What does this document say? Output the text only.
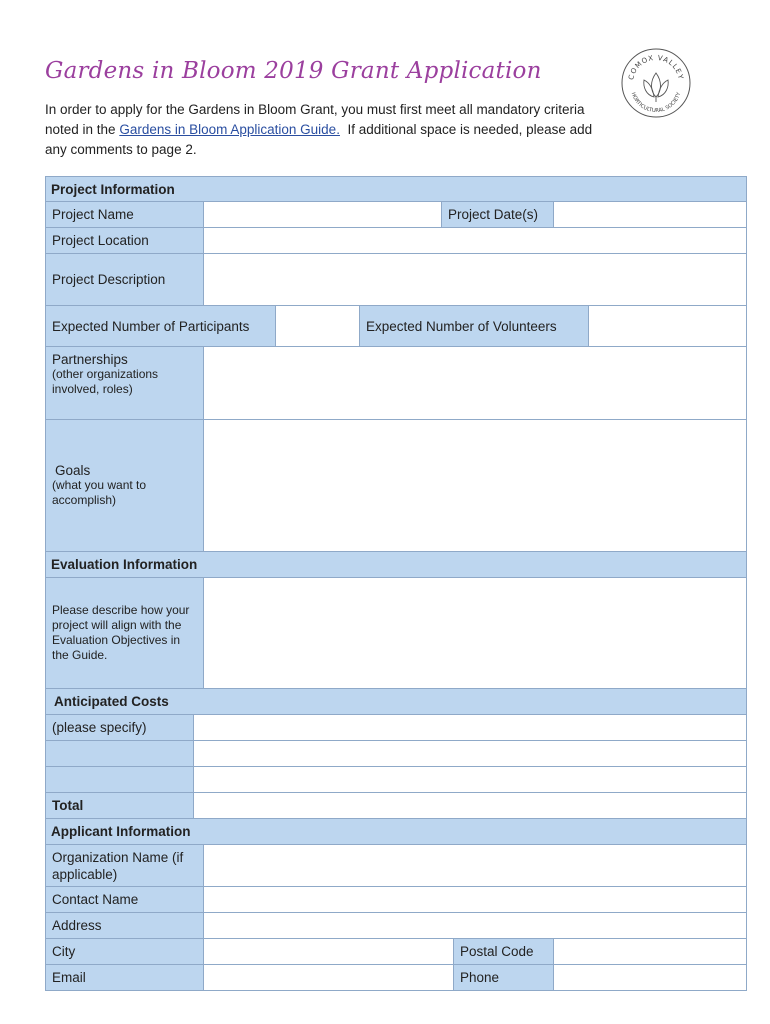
Gardens in Bloom 2019 Grant Application
In order to apply for the Gardens in Bloom Grant, you must first meet all mandatory criteria
noted in the Gardens in Bloom Application Guide.  If additional space is needed, please add
any comments to page 2.
COMOX VALLEY
HORTICULTURAL SOCIETY
Project Information
Project Name	Project Date(s)
Project Location
Project Description
Expected Number of Participants	Expected Number of Volunteers
Partnerships
(other organizations involved, roles)
Goals
(what you want to accomplish)
Evaluation Information
Please describe how your project will align with the Evaluation Objectives in the Guide.
Anticipated Costs
(please specify)
Total
Applicant Information
Organization Name (if applicable)
Contact Name
Address
City	Postal Code
Email	Phone
